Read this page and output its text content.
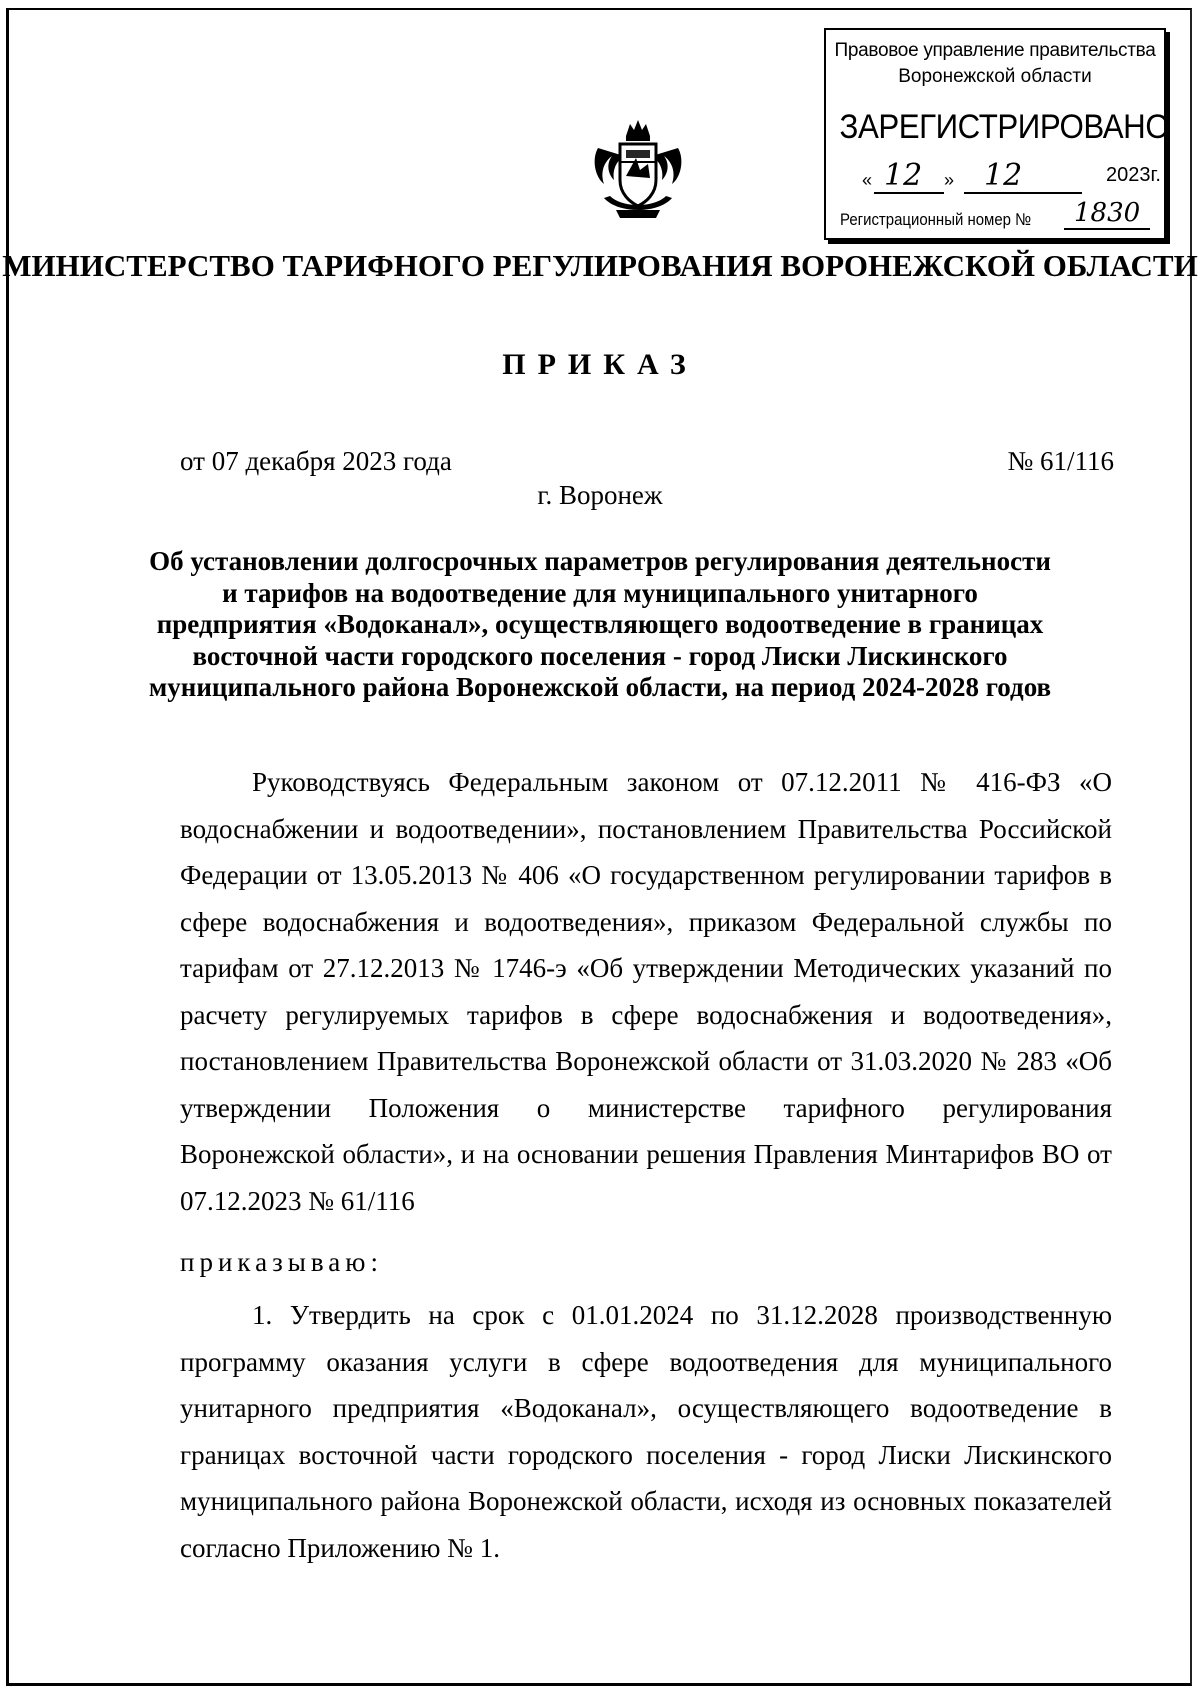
Правовое управление правительства
Воронежской области
ЗАРЕГИСТРИРОВАНО
« 12 » 12	2023г.
Регистрационный номер № 1830
МИНИСТЕРСТВО ТАРИФНОГО РЕГУЛИРОВАНИЯ ВОРОНЕЖСКОЙ ОБЛАСТИ
ПРИКАЗ
от 07 декабря 2023 года	№ 61/116
г. Воронеж
Об установлении долгосрочных параметров регулирования деятельности и тарифов на водоотведение для муниципального унитарного предприятия «Водоканал», осуществляющего водоотведение в границах восточной части городского поселения - город Лиски Лискинского муниципального района Воронежской области, на период 2024-2028 годов

Руководствуясь Федеральным законом от 07.12.2011 № 416-ФЗ «О водоснабжении и водоотведении», постановлением Правительства Российской Федерации от 13.05.2013 № 406 «О государственном регулировании тарифов в сфере водоснабжения и водоотведения», приказом Федеральной службы по тарифам от 27.12.2013 № 1746-э «Об утверждении Методических указаний по расчету регулируемых тарифов в сфере водоснабжения и водоотведения», постановлением Правительства Воронежской области от 31.03.2020 № 283 «Об утверждении Положения о министерстве тарифного регулирования Воронежской области», и на основании решения Правления Минтарифов ВО от 07.12.2023 № 61/116

приказываю:

1. Утвердить на срок с 01.01.2024 по 31.12.2028 производственную программу оказания услуги в сфере водоотведения для муниципального унитарного предприятия «Водоканал», осуществляющего водоотведение в границах восточной части городского поселения - город Лиски Лискинского муниципального района Воронежской области, исходя из основных показателей согласно Приложению № 1.
